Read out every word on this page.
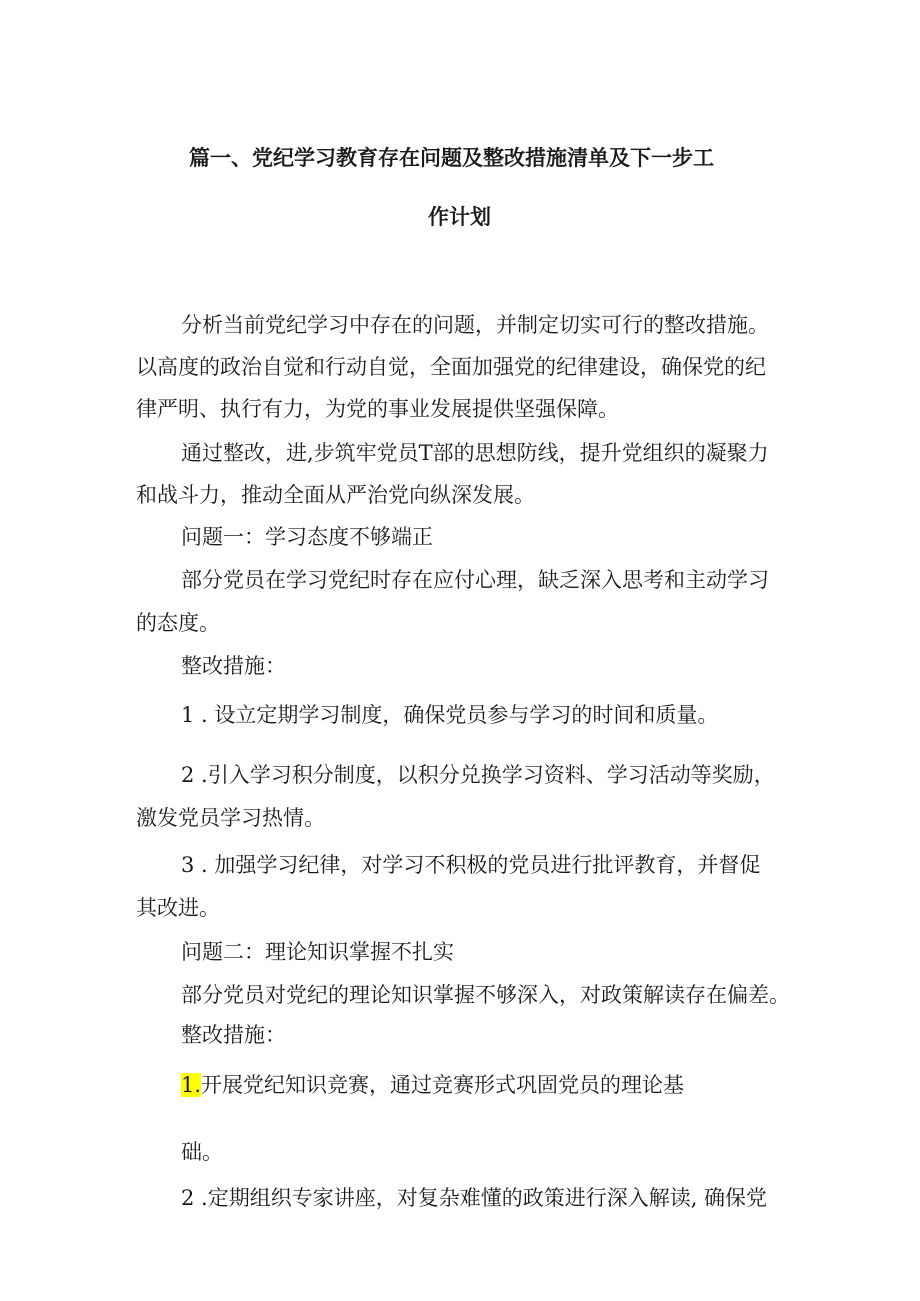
篇一、党纪学习教育存在问题及整改措施清单及下一步工
作计划
分析当前党纪学习中存在的问题，并制定切实可行的整改措施。
以高度的政治自觉和行动自觉，全面加强党的纪律建设，确保党的纪
律严明、执行有力，为党的事业发展提供坚强保障。
通过整改，进,步筑牢党员T部的思想防线，提升党组织的凝聚力
和战斗力，推动全面从严治党向纵深发展。
问题一：学习态度不够端正
部分党员在学习党纪时存在应付心理，缺乏深入思考和主动学习
的态度。
整改措施：
1 . 设立定期学习制度，确保党员参与学习的时间和质量。
2 .引入学习积分制度，以积分兑换学习资料、学习活动等奖励，
激发党员学习热情。
3 . 加强学习纪律，对学习不积极的党员进行批评教育，并督促
其改进。
问题二：理论知识掌握不扎实
部分党员对党纪的理论知识掌握不够深入，对政策解读存在偏差。
整改措施：
1.开展党纪知识竞赛，通过竞赛形式巩固党员的理论基
础。
2 .定期组织专家讲座，对复杂难懂的政策进行深入解读, 确保党
